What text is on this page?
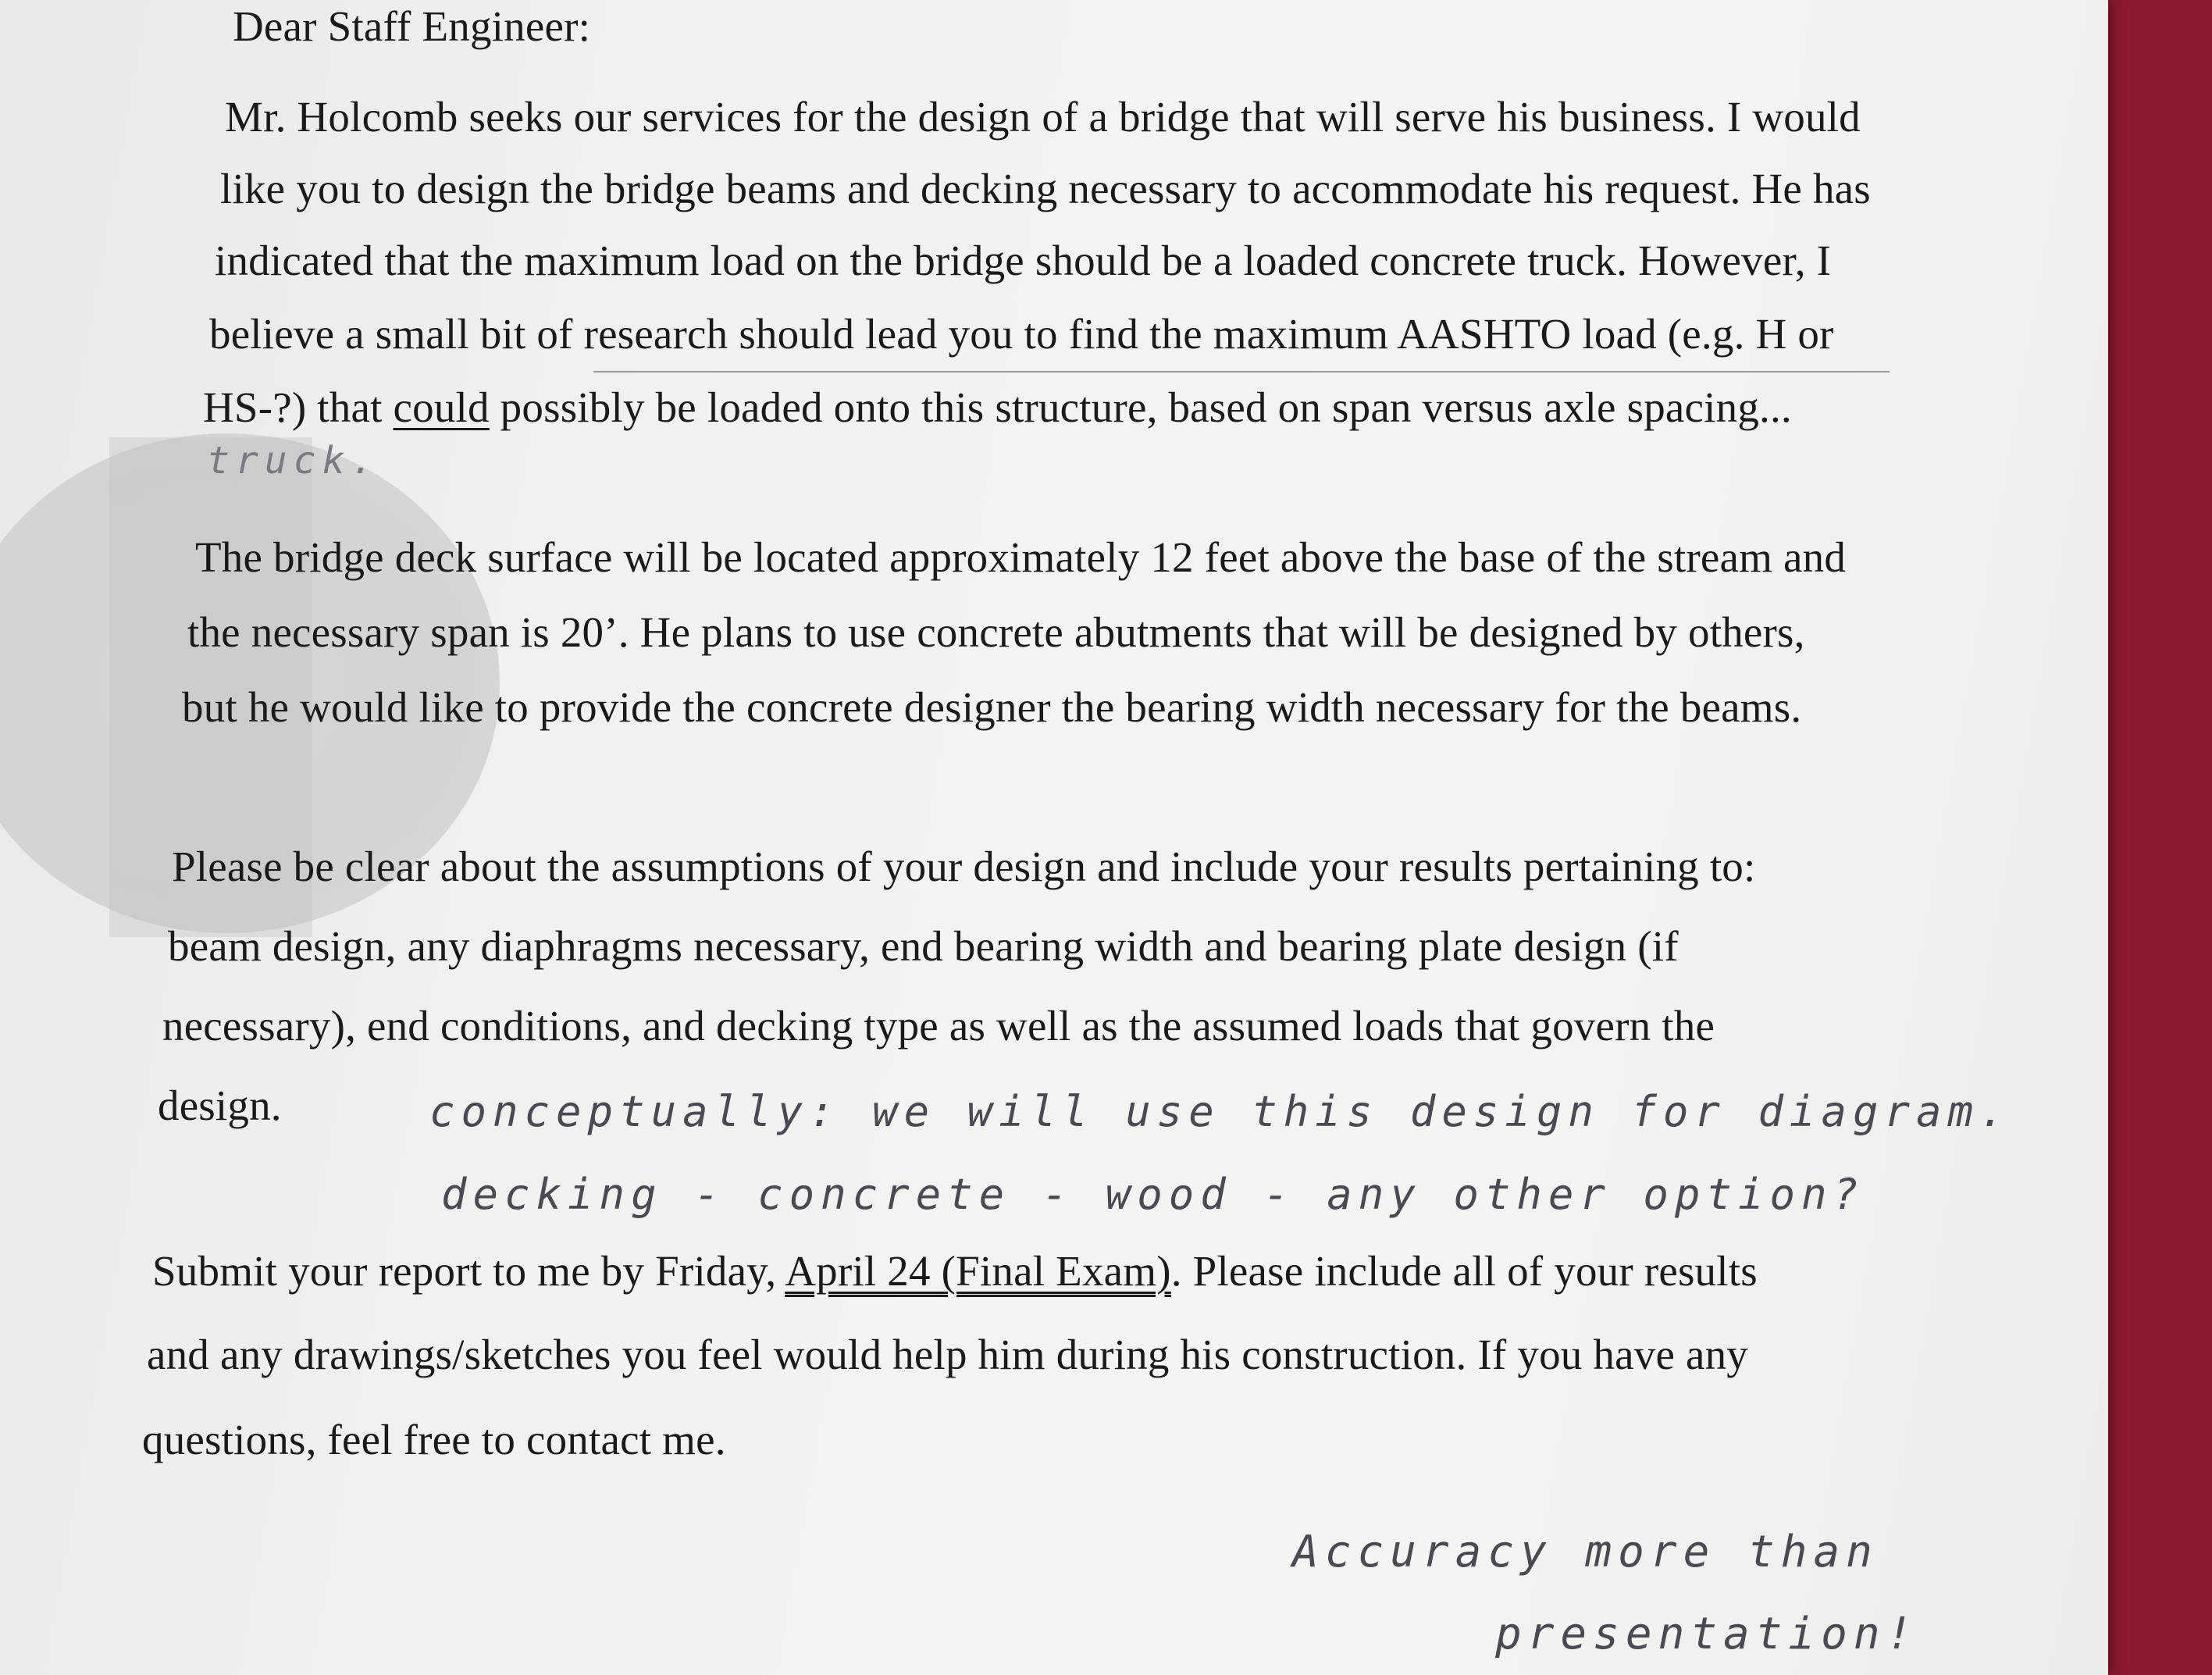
Dear Staff Engineer:
Mr. Holcomb seeks our services for the design of a bridge that will serve his business. I would
like you to design the bridge beams and decking necessary to accommodate his request. He has
indicated that the maximum load on the bridge should be a loaded concrete truck. However, I
believe a small bit of research should lead you to find the maximum AASHTO load (e.g. H or
HS-?) that could possibly be loaded onto this structure, based on span versus axle spacing...
truck.
The bridge deck surface will be located approximately 12 feet above the base of the stream and
the necessary span is 20’. He plans to use concrete abutments that will be designed by others,
but he would like to provide the concrete designer the bearing width necessary for the beams.
Please be clear about the assumptions of your design and include your results pertaining to:
beam design, any diaphragms necessary, end bearing width and bearing plate design (if
necessary), end conditions, and decking type as well as the assumed loads that govern the
design.	conceptually: we will use this design for diagram.
decking - concrete - wood - any other option?
Submit your report to me by Friday, April 24 (Final Exam). Please include all of your results
and any drawings/sketches you feel would help him during his construction. If you have any
questions, feel free to contact me.
Accuracy more than
presentation!
